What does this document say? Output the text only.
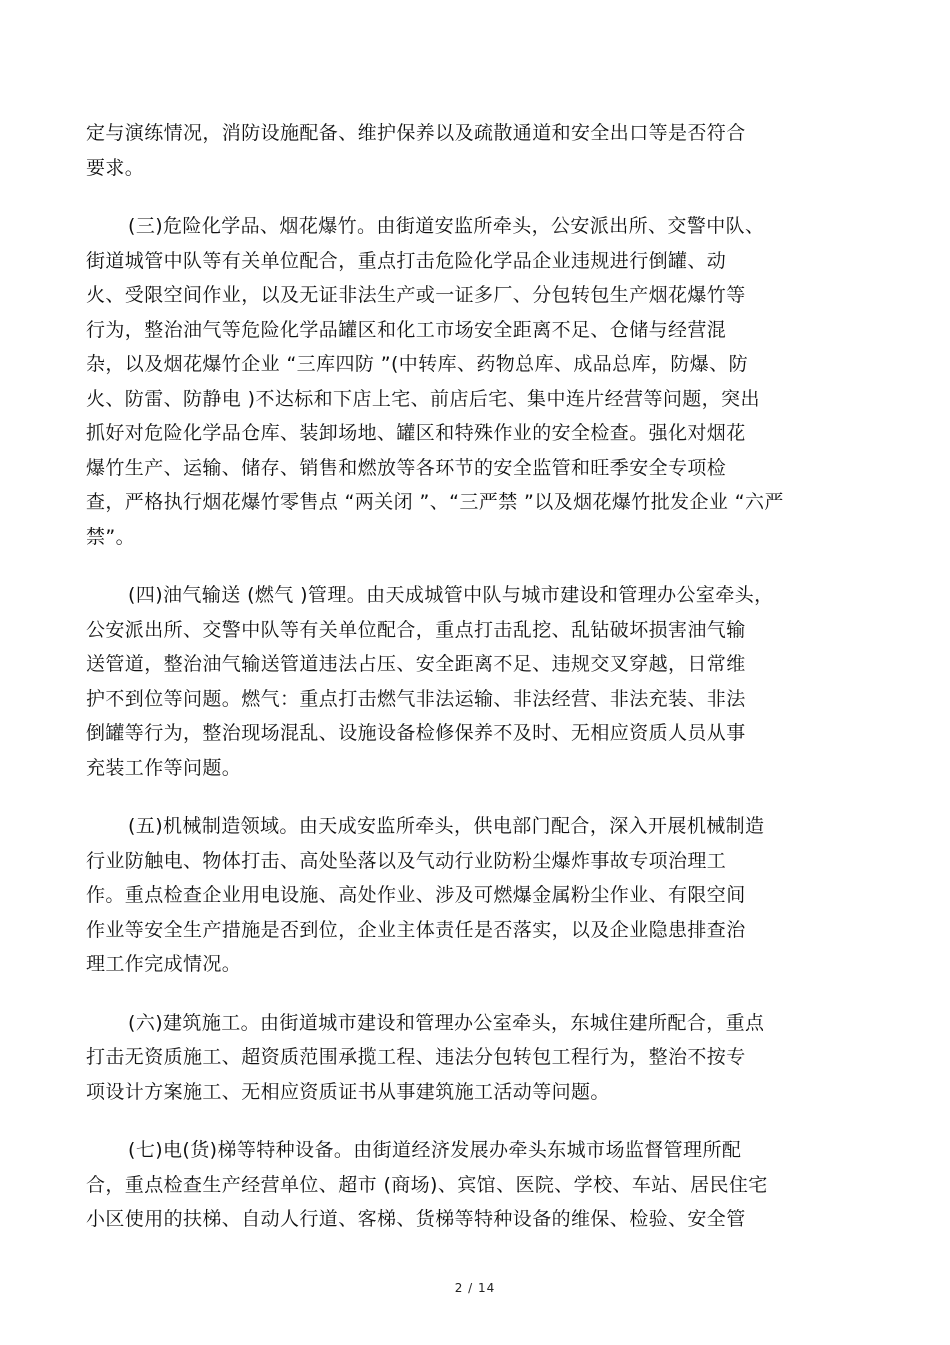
定与演练情况，消防设施配备、维护保养以及疏散通道和安全出口等是否符合
要求。
(三)危险化学品、烟花爆竹。由街道安监所牵头，公安派出所、交警中队、
街道城管中队等有关单位配合，重点打击危险化学品企业违规进行倒罐、动
火、受限空间作业，以及无证非法生产或一证多厂、分包转包生产烟花爆竹等
行为，整治油气等危险化学品罐区和化工市场安全距离不足、仓储与经营混
杂，以及烟花爆竹企业 “三库四防 ”(中转库、药物总库、成品总库，防爆、防
火、防雷、防静电 )不达标和下店上宅、前店后宅、集中连片经营等问题，突出
抓好对危险化学品仓库、装卸场地、罐区和特殊作业的安全检查。强化对烟花
爆竹生产、运输、储存、销售和燃放等各环节的安全监管和旺季安全专项检
查，严格执行烟花爆竹零售点 “两关闭 ”、“三严禁 ”以及烟花爆竹批发企业 “六严
禁”。
(四)油气输送 (燃气 )管理。由天成城管中队与城市建设和管理办公室牵头，
公安派出所、交警中队等有关单位配合，重点打击乱挖、乱钻破坏损害油气输
送管道，整治油气输送管道违法占压、安全距离不足、违规交叉穿越，日常维
护不到位等问题。燃气：重点打击燃气非法运输、非法经营、非法充装、非法
倒罐等行为，整治现场混乱、设施设备检修保养不及时、无相应资质人员从事
充装工作等问题。
(五)机械制造领域。由天成安监所牵头，供电部门配合，深入开展机械制造
行业防触电、物体打击、高处坠落以及气动行业防粉尘爆炸事故专项治理工
作。重点检查企业用电设施、高处作业、涉及可燃爆金属粉尘作业、有限空间
作业等安全生产措施是否到位，企业主体责任是否落实，以及企业隐患排查治
理工作完成情况。
(六)建筑施工。由街道城市建设和管理办公室牵头，东城住建所配合，重点
打击无资质施工、超资质范围承揽工程、违法分包转包工程行为，整治不按专
项设计方案施工、无相应资质证书从事建筑施工活动等问题。
(七)电(货)梯等特种设备。由街道经济发展办牵头东城市场监督管理所配
合，重点检查生产经营单位、超市 (商场)、宾馆、医院、学校、车站、居民住宅
小区使用的扶梯、自动人行道、客梯、货梯等特种设备的维保、检验、安全管
2 / 14
